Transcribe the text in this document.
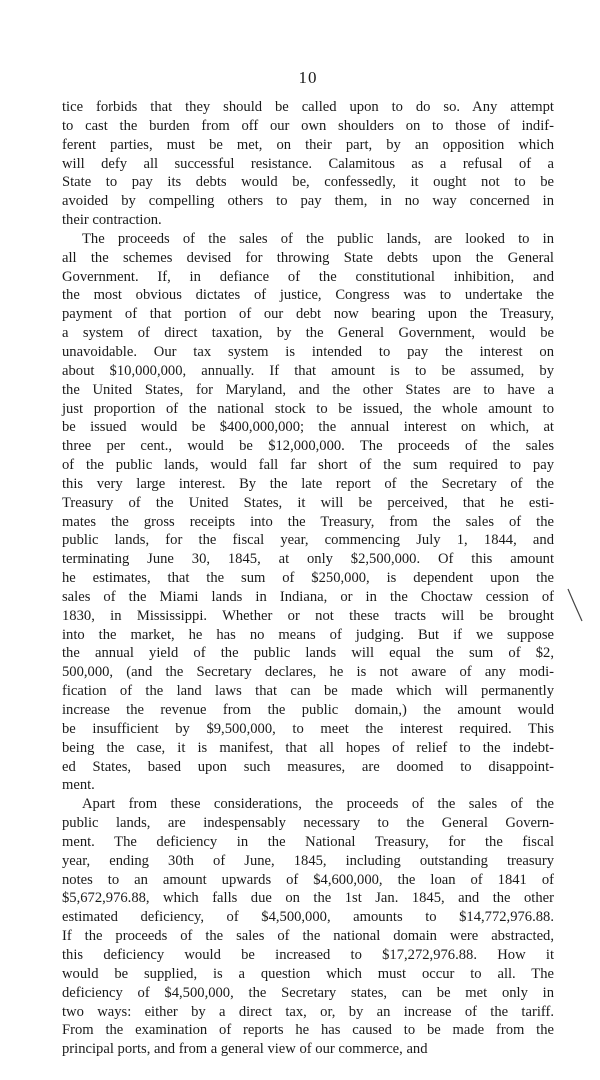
10

tice forbids that they should be called upon to do so. Any attempt
to cast the burden from off our own shoulders on to those of indif-
ferent parties, must be met, on their part, by an opposition which
will defy all successful resistance. Calamitous as a refusal of a
State to pay its debts would be, confessedly, it ought not to be
avoided by compelling others to pay them, in no way concerned in
their contraction.

The proceeds of the sales of the public lands, are looked to in
all the schemes devised for throwing State debts upon the General
Government. If, in defiance of the constitutional inhibition, and
the most obvious dictates of justice, Congress was to undertake the
payment of that portion of our debt now bearing upon the Treasury,
a system of direct taxation, by the General Government, would be
unavoidable. Our tax system is intended to pay the interest on
about $10,000,000, annually. If that amount is to be assumed, by
the United States, for Maryland, and the other States are to have a
just proportion of the national stock to be issued, the whole amount to
be issued would be $400,000,000; the annual interest on which, at
three per cent., would be $12,000,000. The proceeds of the sales
of the public lands, would fall far short of the sum required to pay
this very large interest. By the late report of the Secretary of the
Treasury of the United States, it will be perceived, that he esti-
mates the gross receipts into the Treasury, from the sales of the
public lands, for the fiscal year, commencing July 1, 1844, and
terminating June 30, 1845, at only $2,500,000. Of this amount
he estimates, that the sum of $250,000, is dependent upon the
sales of the Miami lands in Indiana, or in the Choctaw cession of
1830, in Mississippi. Whether or not these tracts will be brought
into the market, he has no means of judging. But if we suppose
the annual yield of the public lands will equal the sum of $2,
500,000, (and the Secretary declares, he is not aware of any modi-
fication of the land laws that can be made which will permanently
increase the revenue from the public domain,) the amount would
be insufficient by $9,500,000, to meet the interest required. This
being the case, it is manifest, that all hopes of relief to the indebt-
ed States, based upon such measures, are doomed to disappoint-
ment.

Apart from these considerations, the proceeds of the sales of the
public lands, are indespensably necessary to the General Govern-
ment. The deficiency in the National Treasury, for the fiscal
year, ending 30th of June, 1845, including outstanding treasury
notes to an amount upwards of $4,600,000, the loan of 1841 of
$5,672,976.88, which falls due on the 1st Jan. 1845, and the other
estimated deficiency, of $4,500,000, amounts to $14,772,976.88.
If the proceeds of the sales of the national domain were abstracted,
this deficiency would be increased to $17,272,976.88. How it
would be supplied, is a question which must occur to all. The
deficiency of $4,500,000, the Secretary states, can be met only in
two ways: either by a direct tax, or, by an increase of the tariff.
From the examination of reports he has caused to be made from the
principal ports, and from a general view of our commerce, and
